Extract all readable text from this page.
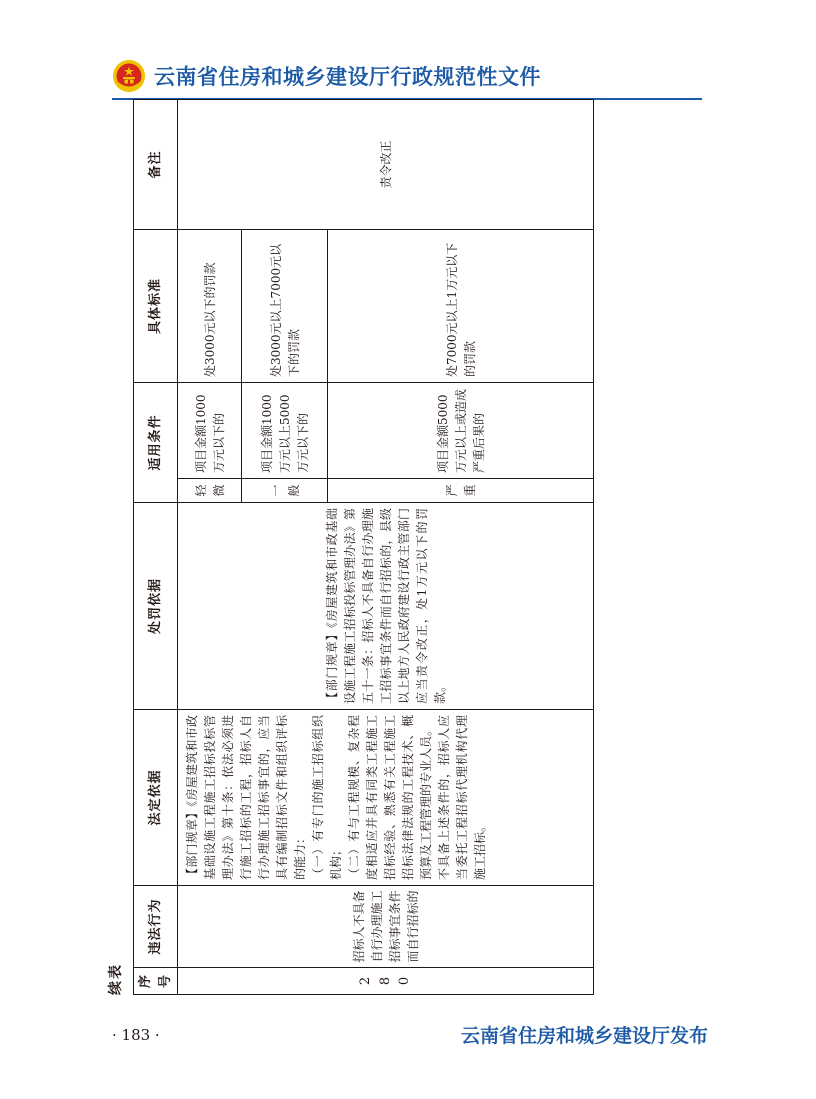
云南省住房和城乡建设厅行政规范性文件
续表 序号	违法行为	法定依据	处罚依据	适用条件		具体标准	备注
280	招标人不具备自行办理施工招标事宜条件而自行招标的	【部门规章】《房屋建筑和市政基础设施工程施工招标投标管理办法》第十条：依法必须进行施工招标的工程，招标人自行办理施工招标事宜的，应当具有编制招标文件和组织评标的能力： （一）有专门的施工招标组织机构； （二）有与工程规模、复杂程度相适应并具有同类工程施工招标经验、熟悉有关工程施工招标法律法规的工程技术、概预算及工程管理的专业人员。 不具备上述条件的，招标人应当委托工程招标代理机构代理施工招标。	【部门规章】《房屋建筑和市政基础设施工程施工招标投标管理办法》第五十一条：招标人不具备自行办理施工招标事宜条件而自行招标的，县级以上地方人民政府建设行政主管部门应当责令改正，处1万元以下的罚款。	轻微	项目金额1000万元以下的	处3000元以下的罚款	责令改正
				一般	项目金额1000万元以上5000万元以下的	处3000元以上7000元以下的罚款	
				严重	项目金额5000万元以上或造成严重后果的	处7000元以上1万元以下的罚款	
· 183 ·	云南省住房和城乡建设厅发布
